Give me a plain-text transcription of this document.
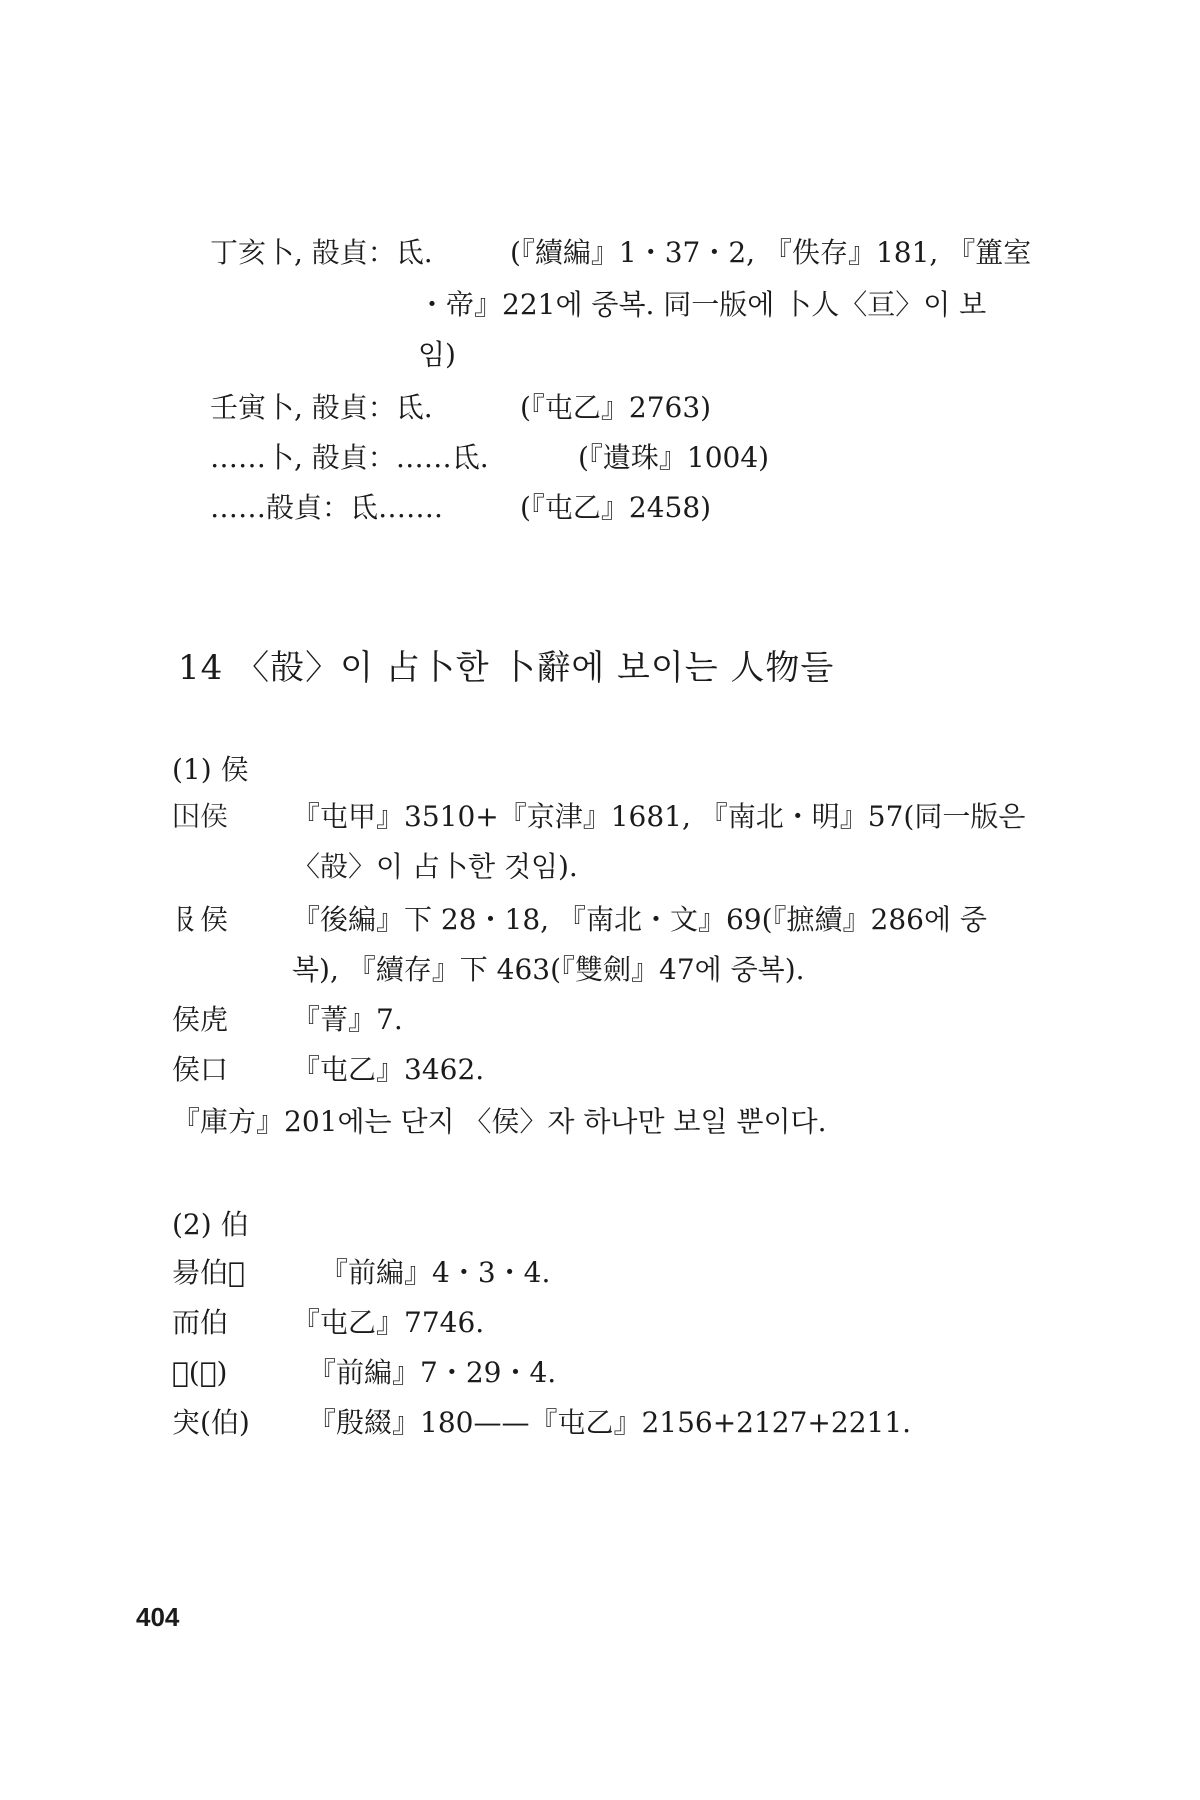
丁亥卜, 㱿貞：氐.	(『續編』1・37・2, 『佚存』181, 『簠室
・帝』221에 중복. 同一版에 卜人〈亘〉이 보
임)
壬寅卜, 㱿貞：氐.	(『屯乙』2763)
……卜, 㱿貞：……氐.	(『遺珠』1004)
……㱿貞：氐…….	(『屯乙』2458)
14 〈㱿〉이 占卜한 卜辭에 보이는 人物들
(1) 侯
𡆥侯 『屯甲』3510+『京津』1681, 『南北・明』57(同一版은
〈㱿〉이 占卜한 것임).
𠬝侯 『後編』下 28・18, 『南北・文』69(『摭續』286에 중
복), 『續存』下 463(『雙劍』47에 중복).
侯虎 『菁』7.
侯口 『屯乙』3462.
『庫方』201에는 단지 〈侯〉자 하나만 보일 뿐이다.
(2) 伯
昜伯𤉲	『前編』4・3・4.
而伯 『屯乙』7746.
𢼸(伯)	『前編』7・29・4.
宊(伯) 『殷綴』180——『屯乙』2156+2127+2211.
404
